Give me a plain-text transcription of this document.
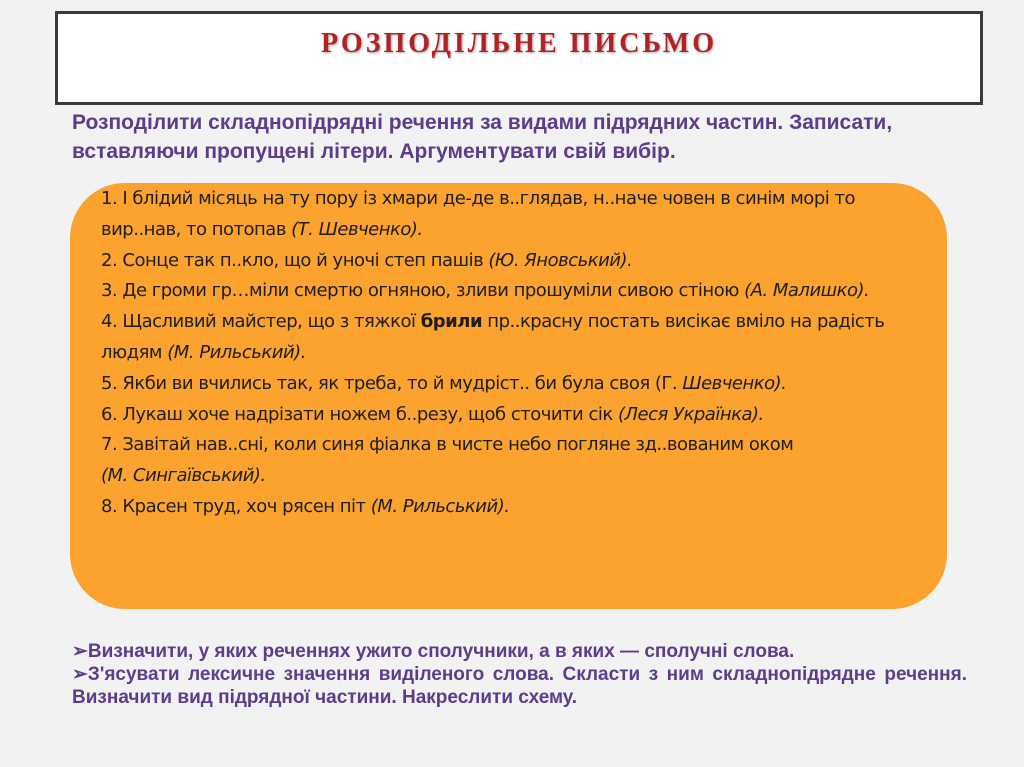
РОЗПОДІЛЬНЕ ПИСЬМО
Розподілити складнопідрядні речення за видами підрядних частин. Записати, вставляючи пропущені літери. Аргументувати свій вибір.

1. І блідий місяць на ту пору із хмари де-де в..глядав, н..наче човен в синім морі то вир..нав, то потопав (Т. Шевченко).

2. Сонце так п..кло, що й уночі степ пашів (Ю. Яновський).

3. Де громи гр…міли смертю огняною, зливи прошуміли сивою стіною (А. Малишко).

4. Щасливий майстер, що з тяжкої брили пр..красну постать висікає вміло на радість людям (М. Рильський).

5. Якби ви вчились так, як треба, то й мудріст.. би була своя (Г. Шевченко).

6. Лукаш хоче надрізати ножем б..резу, щоб сточити сік (Леся Українка).

7. Завітай нав..сні, коли синя фіалка в чисте небо погляне зд..вованим оком

(М. Сингаївський).

8. Красен труд, хоч рясен піт (М. Рильський).

➢Визначити, у яких реченнях ужито сполучники, а в яких — сполучні слова.

➢З'ясувати лексичне значення виділеного слова. Скласти з ним складнопідрядне речення. Визначити вид підрядної частини. Накреслити схему.
